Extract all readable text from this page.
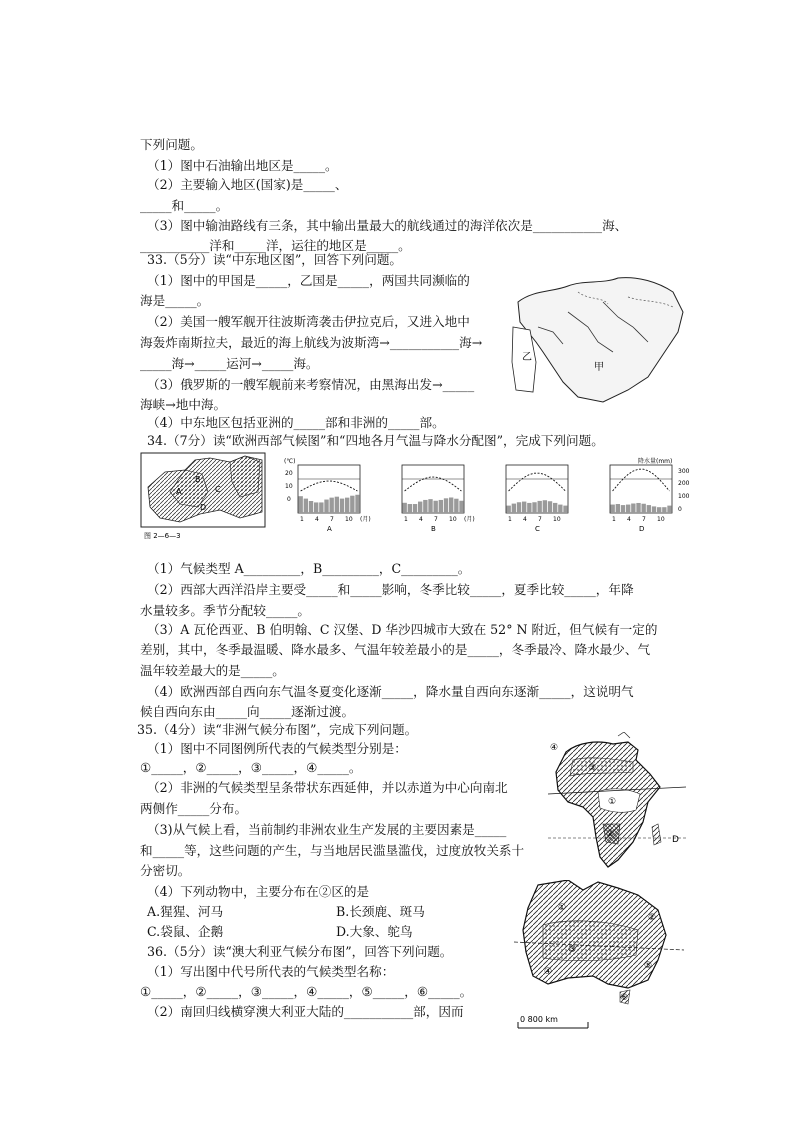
下列问题。
（1）图中石油输出地区是_____。
（2）主要输入地区(国家)是_____、
_____和_____。
（3）图中输油路线有三条，其中输出量最大的航线通过的海洋依次是___________海、
___________洋和_____洋，运往的地区是_____。
33.（5分）读“中东地区图”，回答下列问题。
（1）图中的甲国是_____，乙国是_____，两国共同濒临的
海是_____。
（2）美国一艘军舰开往波斯湾袭击伊拉克后，又进入地中
海轰炸南斯拉夫，最近的海上航线为波斯湾→___________海→
_____海→_____运河→_____海。
（3）俄罗斯的一艘军舰前来考察情况，由黑海出发→_____
海峡→地中海。
（4）中东地区包括亚洲的_____部和非洲的_____部。
34.（7分）读“欧洲西部气候图”和“四地各月气温与降水分配图”，完成下列问题。
（1）气候类型 A_________，B_________，C_________。
（2）西部大西洋沿岸主要受_____和_____影响，冬季比较_____，夏季比较_____，年降
水量较多。季节分配较_____。
（3）A 瓦伦西亚、B 伯明翰、C 汉堡、D 华沙四城市大致在 52° N 附近，但气候有一定的
差别，其中，冬季最温暖、降水最多、气温年较差最小的是_____，冬季最冷、降水最少、气
温年较差最大的是_____。
（4）欧洲西部自西向东气温冬夏变化逐渐_____，降水量自西向东逐渐_____，这说明气
候自西向东由_____向_____逐渐过渡。
35.（4分）读“非洲气候分布图”，完成下列问题。
（1）图中不同图例所代表的气候类型分别是：
①_____，②_____，③_____，④_____。
（2）非洲的气候类型呈条带状东西延伸，并以赤道为中心向南北
两侧作_____分布。
（3)从气候上看，当前制约非洲农业生产发展的主要因素是_____
和_____等，这些问题的产生，与当地居民滥垦滥伐，过度放牧关系十
分密切。
（4）下列动物中，主要分布在②区的是
A.猩猩、河马	B.长颈鹿、斑马
C.袋鼠、企鹅	D.大象、鸵鸟
36.（5分）读“澳大利亚气候分布图”，回答下列问题。
（1）写出图中代号所代表的气候类型名称：
①_____，②_____，③_____，④_____，⑤_____，⑥_____。
（2）南回归线横穿澳大利亚大陆的___________部，因而
乙
甲
A
B
C
D
图 2—6—3
1 4 7 10 (月)
A
1 4 7 10 (月)
B
1 4 7 10
C
1 4 7 10
D
(℃)
20
10
0
降水量(mm)
300
200
100
0
④
③
①
②
D
①
②
③
④
⑤
⑥
0 800 km
